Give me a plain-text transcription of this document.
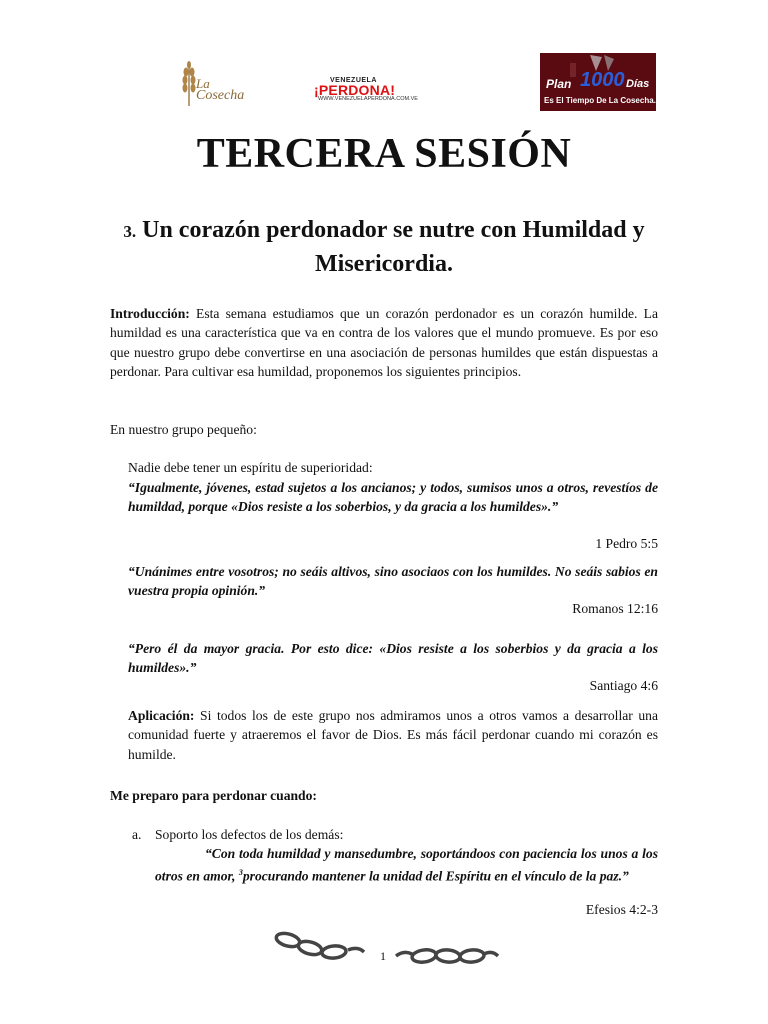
La
Cosecha
VENEZUELA
¡PERDONA!
WWW.VENEZUELAPERDONA.COM.VE
Plan 1000 Días
Es El Tiempo De La Cosecha.
TERCERA SESIÓN
3. Un corazón perdonador se nutre con Humildad y Misericordia.
Introducción: Esta semana estudiamos que un corazón perdonador es un corazón humilde. La humildad es una característica que va en contra de los valores que el mundo promueve. Es por eso que nuestro grupo debe convertirse en una asociación de personas humildes que están dispuestas a perdonar. Para cultivar esa humildad, proponemos los siguientes principios.
En nuestro grupo pequeño:
Nadie debe tener un espíritu de superioridad:
“Igualmente, jóvenes, estad sujetos a los ancianos; y todos, sumisos unos a otros, revestíos de humildad, porque «Dios resiste a los soberbios, y da gracia a los humildes».”
1 Pedro 5:5
“Unánimes entre vosotros; no seáis altivos, sino asociaos con los humildes. No seáis sabios en vuestra propia opinión.”
Romanos 12:16
“Pero él da mayor gracia. Por esto dice: «Dios resiste a los soberbios y da gracia a los humildes».”
Santiago 4:6
Aplicación: Si todos los de este grupo nos admiramos unos a otros vamos a desarrollar una comunidad fuerte y atraeremos el favor de Dios. Es más fácil perdonar cuando mi corazón es humilde.
Me preparo para perdonar cuando:
a. Soporto los defectos de los demás:
“Con toda humildad y mansedumbre, soportándoos con paciencia los unos a los otros en amor, $^3$procurando mantener la unidad del Espíritu en el vínculo de la paz.”
Efesios 4:2-3
1
